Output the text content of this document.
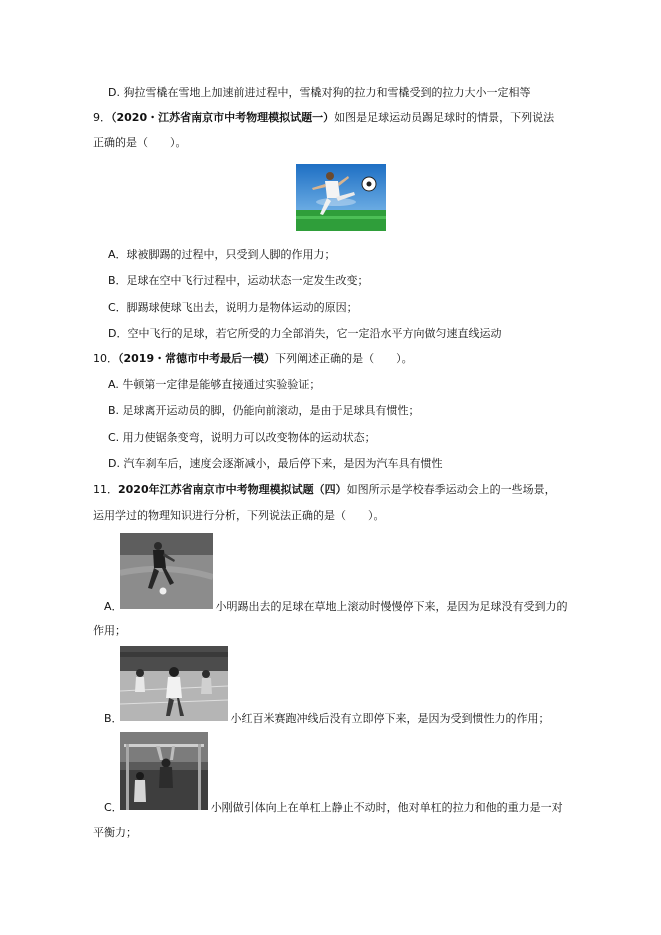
D. 狗拉雪橇在雪地上加速前进过程中，雪橇对狗的拉力和雪橇受到的拉力大小一定相等
9．（2020・江苏省南京市中考物理模拟试题一）如图是足球运动员踢足球时的情景，下列说法
正确的是（　　）。
A．球被脚踢的过程中，只受到人脚的作用力；
B．足球在空中飞行过程中，运动状态一定发生改变；
C．脚踢球使球飞出去，说明力是物体运动的原因；
D．空中飞行的足球，若它所受的力全部消失，它一定沿水平方向做匀速直线运动
10．（2019・常德市中考最后一模）下列阐述正确的是（　　）。
A. 牛顿第一定律是能够直接通过实验验证；
B. 足球离开运动员的脚，仍能向前滚动，是由于足球具有惯性；
C. 用力使锯条变弯，说明力可以改变物体的运动状态；
D. 汽车刹车后，速度会逐渐减小，最后停下来，是因为汽车具有惯性
11．2020年江苏省南京市中考物理模拟试题（四）如图所示是学校春季运动会上的一些场景，
运用学过的物理知识进行分析，下列说法正确的是（　　）。
A．	小明踢出去的足球在草地上滚动时慢慢停下来，是因为足球没有受到力的
作用；
B．	小红百米赛跑冲线后没有立即停下来，是因为受到惯性力的作用；
C．	小刚做引体向上在单杠上静止不动时，他对单杠的拉力和他的重力是一对
平衡力；
